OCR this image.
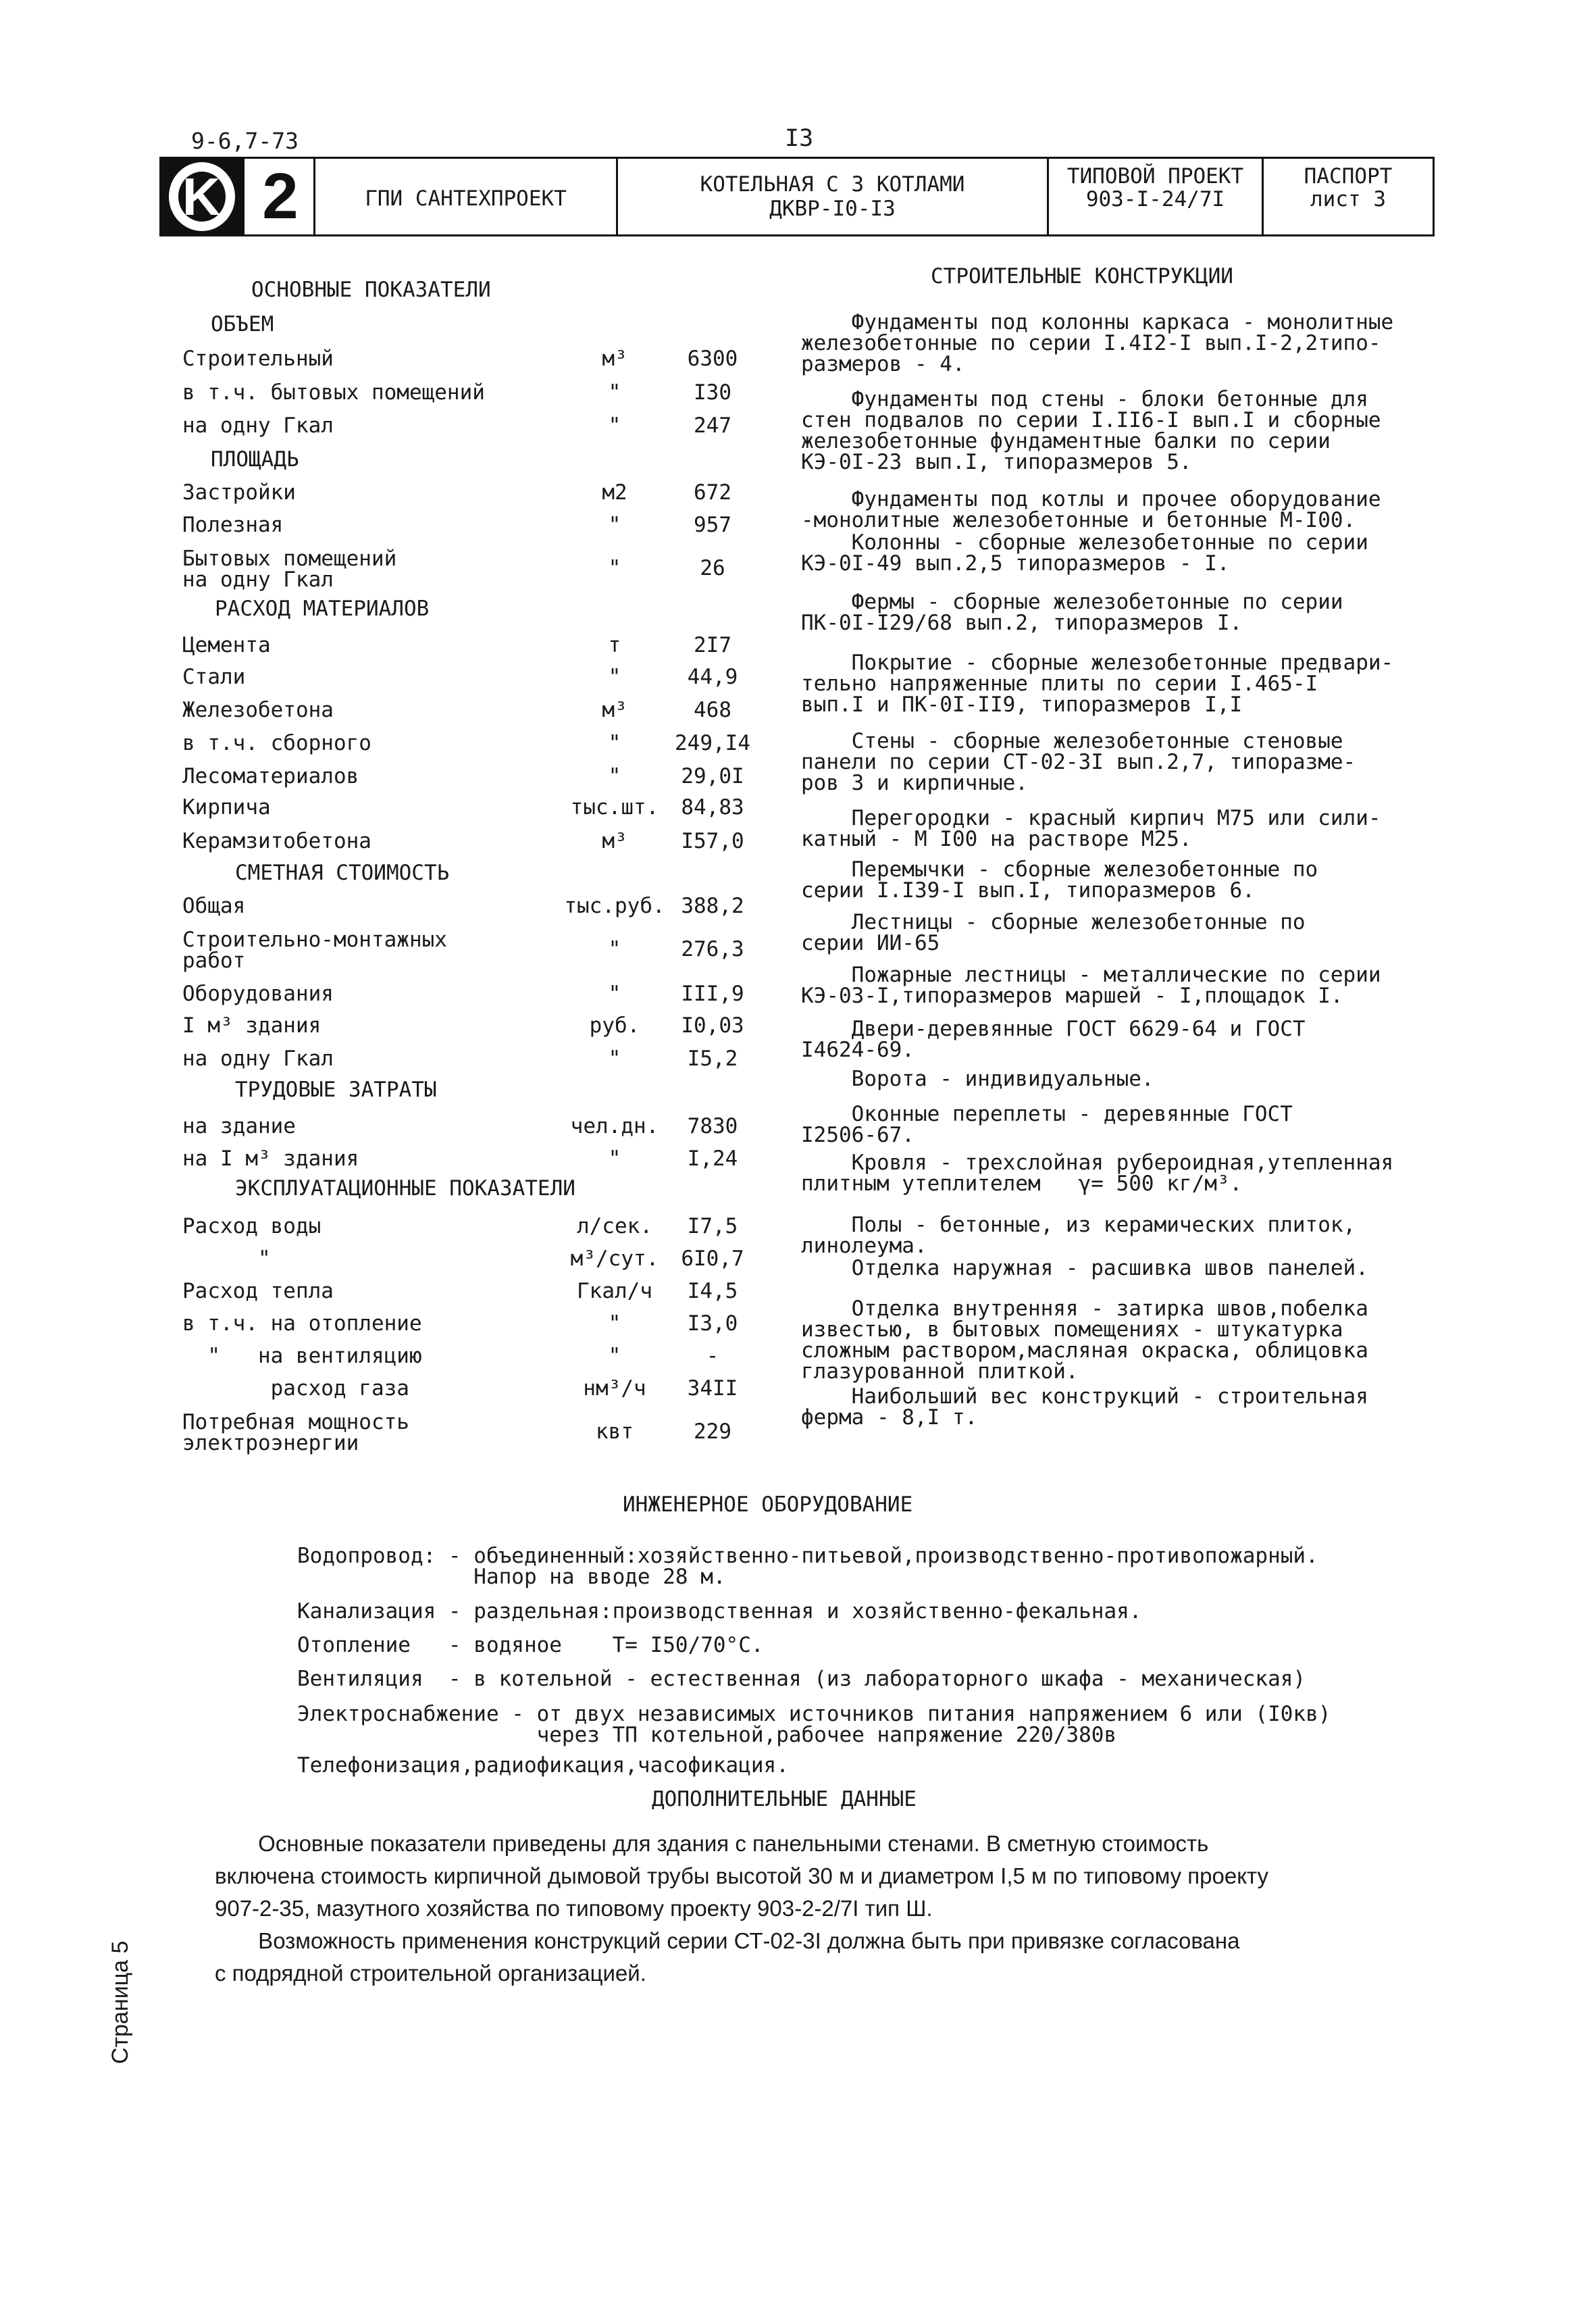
9-6,7-73	I3
ГПИ САНТЕХПРОЕКТ
КОТЕЛЬНАЯ С 3 КОТЛАМИ
ДКВР-I0-I3
ТИПОВОЙ ПРОЕКТ
903-I-24/7I
ПАСПОРТ
лист 3
K 2
ОСНОВНЫЕ ПОКАЗАТЕЛИ
СТРОИТЕЛЬНЫЕ КОНСТРУКЦИИ
ОБЪЕМ
Строительный	м³	6300
в т.ч. бытовых помещений	"	I30
на одну Гкал	"	247
ПЛОЩАДЬ
Застройки	м2	672
Полезная	"	957
Бытовых помещений
на одну Гкал	"	26
РАСХОД МАТЕРИАЛОВ
Цемента	т	2I7
Стали	"	44,9
Железобетона	м³	468
в т.ч. сборного	"	249,I4
Лесоматериалов	"	29,0I
Кирпича	тыс.шт.	84,83
Керамзитобетона	м³	I57,0
СМЕТНАЯ СТОИМОСТЬ
Общая	тыс.руб. 388,2
Строительно-монтажных
работ	"	276,3
Оборудования	"	III,9
I м³ здания	руб.	I0,03
на одну Гкал	"	I5,2
ТРУДОВЫЕ ЗАТРАТЫ
на здание	чел.дн.	7830
на I м³ здания	"	I,24
ЭКСПЛУАТАЦИОННЫЕ ПОКАЗАТЕЛИ
Расход воды	л/сек.	I7,5
"	м³/сут.	6I0,7
Расход тепла	Гкал/ч	I4,5
в т.ч. на отопление	"	I3,0
"   на вентиляцию	"	-
расход газа	нм³/ч	34II
Потребная мощность
электроэнергии	квт	229
Фундаменты под колонны каркаса - монолитные
железобетонные по серии I.4I2-I вып.I-2,2типо-
размеров - 4.
Фундаменты под стены - блоки бетонные для
стен подвалов по серии I.II6-I вып.I и сборные
железобетонные фундаментные балки по серии
КЭ-0I-23 вып.I, типоразмеров 5.
Фундаменты под котлы и прочее оборудование
-монолитные железобетонные и бетонные М-I00.
Колонны - сборные железобетонные по серии
КЭ-0I-49 вып.2,5 типоразмеров - I.
Фермы - сборные железобетонные по серии
ПК-0I-I29/68 вып.2, типоразмеров I.
Покрытие - сборные железобетонные предвари-
тельно напряженные плиты по серии I.465-I
вып.I и ПК-0I-II9, типоразмеров I,I
Стены - сборные железобетонные стеновые
панели по серии СТ-02-3I вып.2,7, типоразме-
ров 3 и кирпичные.
Перегородки - красный кирпич М75 или сили-
катный - М I00 на растворе М25.
Перемычки - сборные железобетонные по
серии I.I39-I вып.I, типоразмеров 6.
Лестницы - сборные железобетонные по
серии ИИ-65
Пожарные лестницы - металлические по серии
КЭ-03-I,типоразмеров маршей - I,площадок I.
Двери-деревянные ГОСТ 6629-64 и ГОСТ
I4624-69.
Ворота - индивидуальные.
Оконные переплеты - деревянные ГОСТ
I2506-67.
Кровля - трехслойная рубероидная,утепленная
плитным утеплителем   γ= 500 кг/м³.
Полы - бетонные, из керамических плиток,
линолеума.
Отделка наружная - расшивка швов панелей.
Отделка внутренняя - затирка швов,побелка
известью, в бытовых помещениях - штукатурка
сложным раствором,масляная окраска, облицовка
глазурованной плиткой.
Наибольший вес конструкций - строительная
ферма - 8,I т.
ИНЖЕНЕРНОЕ ОБОРУДОВАНИЕ
Водопровод: - объединенный:хозяйственно-питьевой,производственно-противопожарный.
Напор на вводе 28 м.
Канализация - раздельная:производственная и хозяйственно-фекальная.
Отопление   - водяное    T= I50/70°C.
Вентиляция  - в котельной - естественная (из лабораторного шкафа - механическая)
Электроснабжение - от двух независимых источников питания напряжением 6 или (I0кв)
через ТП котельной,рабочее напряжение 220/380в
Телефонизация,радиофикация,часофикация.
ДОПОЛНИТЕЛЬНЫЕ ДАННЫЕ
Основные показатели приведены для здания с панельными стенами. В сметную стоимость
включена стоимость кирпичной дымовой трубы высотой 30 м и диаметром I,5 м по типовому проекту
907-2-35, мазутного хозяйства по типовому проекту 903-2-2/7I тип Ш.
Возможность применения конструкций серии СТ-02-3I должна быть при привязке согласована
с подрядной строительной организацией.
Страница 5
